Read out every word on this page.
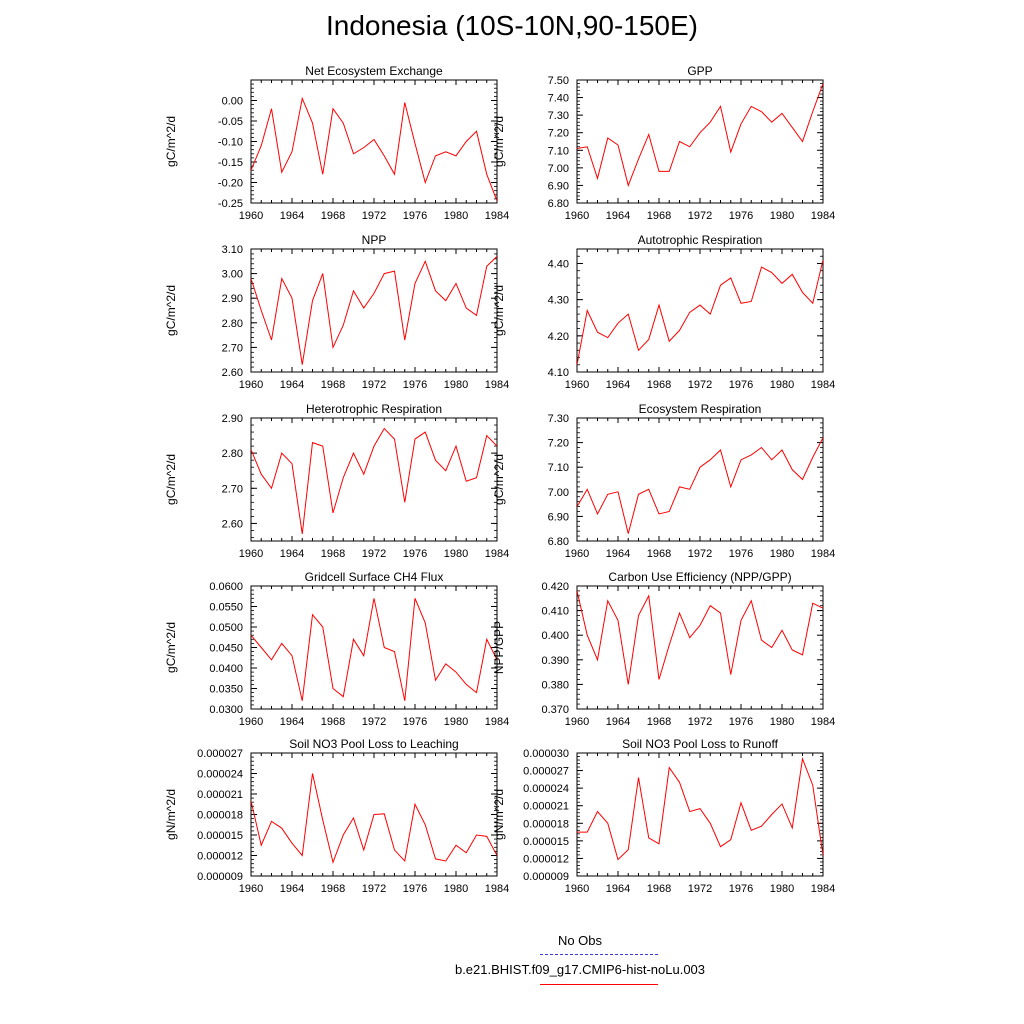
Indonesia (10S-10N,90-150E)
Net Ecosystem Exchange
gC/m^2/d
1960 1964 1968 1972 1976 1980 1984
-0.25
-0.20
-0.15
-0.10
-0.05
0.00
GPP
gC/m^2/d
1960 1964 1968 1972 1976 1980 1984
6.80
6.90
7.00
7.10
7.20
7.30
7.40
7.50
NPP
gC/m^2/d
1960 1964 1968 1972 1976 1980 1984
2.60
2.70
2.80
2.90
3.00
3.10
Autotrophic Respiration
gC/m^2/d
1960 1964 1968 1972 1976 1980 1984
4.10
4.20
4.30
4.40
Heterotrophic Respiration
gC/m^2/d
1960 1964 1968 1972 1976 1980 1984
2.60
2.70
2.80
2.90
Ecosystem Respiration
gC/m^2/d
1960 1964 1968 1972 1976 1980 1984
6.80
6.90
7.00
7.10
7.20
7.30
Gridcell Surface CH4 Flux
gC/m^2/d
1960 1964 1968 1972 1976 1980 1984
0.0300
0.0350
0.0400
0.0450
0.0500
0.0550
0.0600
Carbon Use Efficiency (NPP/GPP)
NPP/GPP
1960 1964 1968 1972 1976 1980 1984
0.370
0.380
0.390
0.400
0.410
0.420
Soil NO3 Pool Loss to Leaching
gN/m^2/d
1960 1964 1968 1972 1976 1980 1984
0.000009
0.000012
0.000015
0.000018
0.000021
0.000024
0.000027
Soil NO3 Pool Loss to Runoff
gN/m^2/d
1960 1964 1968 1972 1976 1980 1984
0.000009
0.000012
0.000015
0.000018
0.000021
0.000024
0.000027
0.000030
No Obs
b.e21.BHIST.f09_g17.CMIP6-hist-noLu.003
